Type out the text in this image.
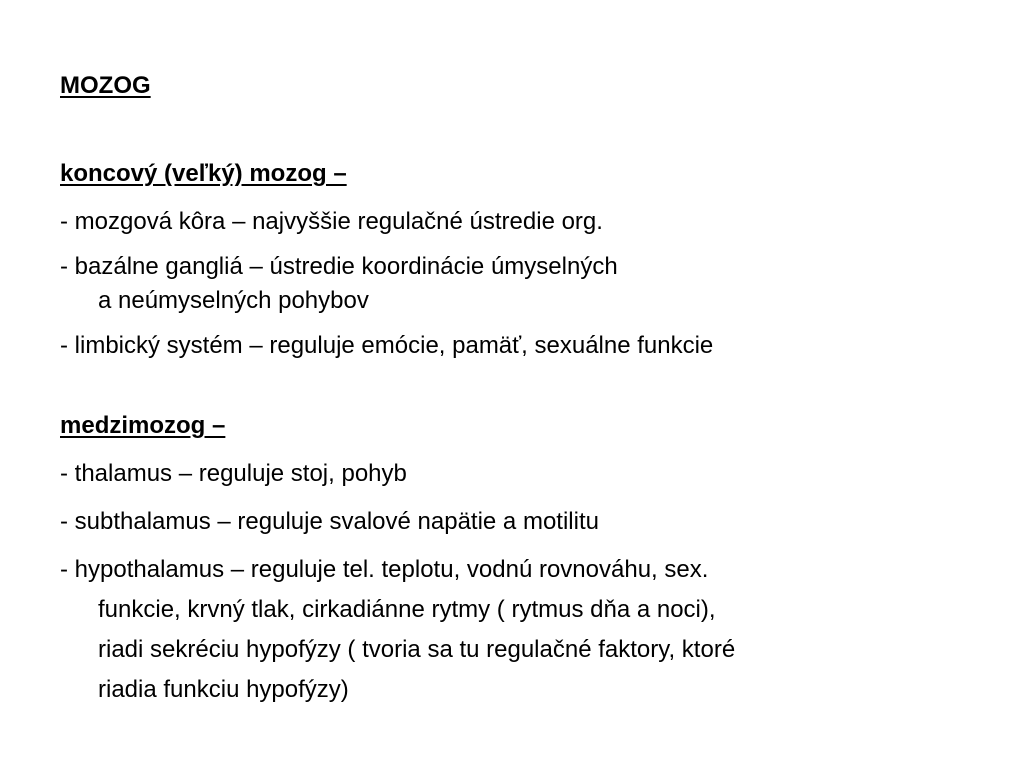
MOZOG
koncový (veľký) mozog –
- mozgová kôra – najvyššie regulačné ústredie org.
- bazálne gangliá – ústredie koordinácie úmyselných
a neúmyselných pohybov
- limbický systém – reguluje emócie, pamäť, sexuálne funkcie
medzimozog –
- thalamus – reguluje stoj, pohyb
- subthalamus – reguluje svalové napätie a motilitu
- hypothalamus – reguluje tel. teplotu, vodnú rovnováhu, sex.
funkcie, krvný tlak, cirkadiánne rytmy ( rytmus dňa a noci),
riadi sekréciu hypofýzy ( tvoria sa tu regulačné faktory, ktoré
riadia funkciu hypofýzy)
